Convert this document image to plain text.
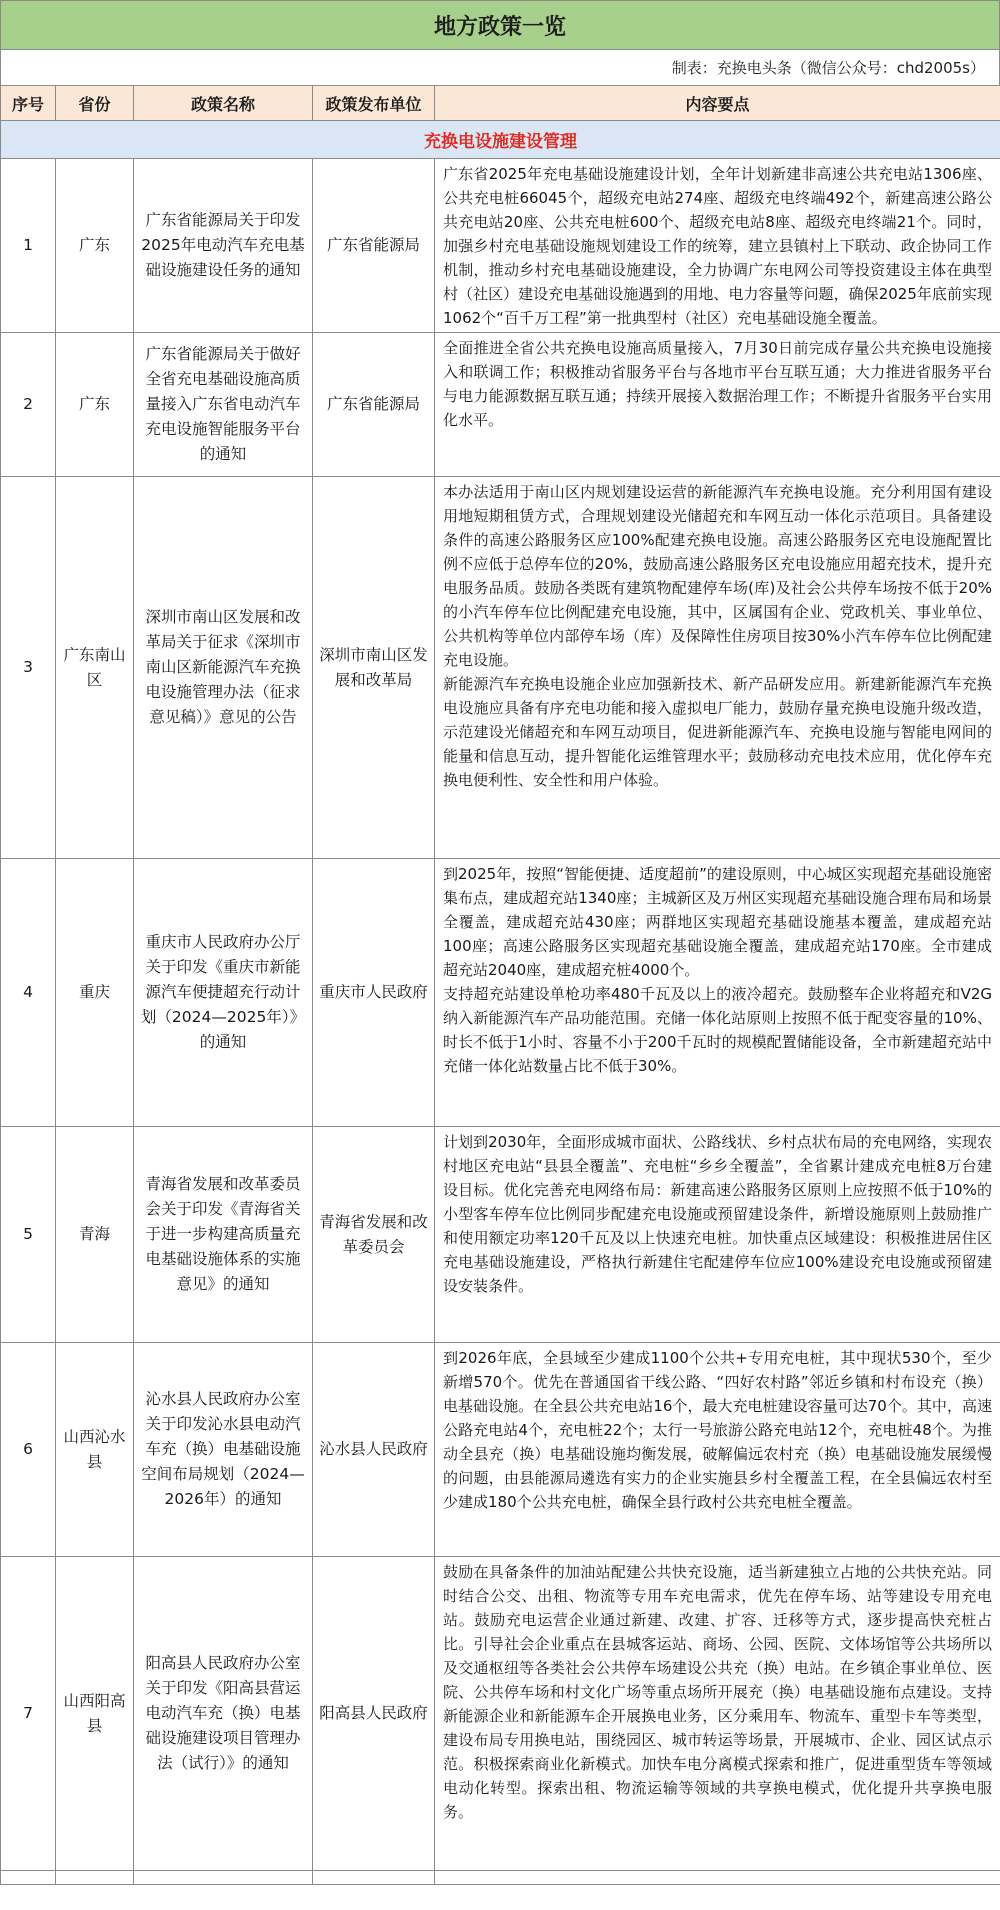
地方政策一览
制表：充换电头条（微信公众号：chd2005s）
序号	省份	政策名称	政策发布单位	内容要点
充换电设施建设管理				
1	广东	广东省能源局关于印发2025年电动汽车充电基础设施建设任务的通知	广东省能源局	广东省2025年充电基础设施建设计划，全年计划新建非高速公共充电站1306座、公共充电桩66045个，超级充电站274座、超级充电终端492个，新建高速公路公共充电站20座、公共充电桩600个、超级充电站8座、超级充电终端21个。同时，加强乡村充电基础设施规划建设工作的统筹，建立县镇村上下联动、政企协同工作机制，推动乡村充电基础设施建设，全力协调广东电网公司等投资建设主体在典型村（社区）建设充电基础设施遇到的用地、电力容量等问题，确保2025年底前实现1062个“百千万工程”第一批典型村（社区）充电基础设施全覆盖。

2	广东	广东省能源局关于做好全省充电基础设施高质量接入广东省电动汽车充电设施智能服务平台的通知	广东省能源局	全面推进全省公共充换电设施高质量接入，7月30日前完成存量公共充换电设施接入和联调工作；积极推动省服务平台与各地市平台互联互通；大力推进省服务平台与电力能源数据互联互通；持续开展接入数据治理工作；不断提升省服务平台实用化水平。

3	广东南山区	深圳市南山区发展和改革局关于征求《深圳市南山区新能源汽车充换电设施管理办法（征求意见稿）》意见的公告	深圳市南山区发展和改革局	本办法适用于南山区内规划建设运营的新能源汽车充换电设施。充分利用国有建设用地短期租赁方式，合理规划建设光储超充和车网互动一体化示范项目。具备建设条件的高速公路服务区应100%配建充换电设施。高速公路服务区充电设施配置比例不应低于总停车位的20%，鼓励高速公路服务区充电设施应用超充技术，提升充电服务品质。鼓励各类既有建筑物配建停车场(库)及社会公共停车场按不低于20%的小汽车停车位比例配建充电设施，其中，区属国有企业、党政机关、事业单位、公共机构等单位内部停车场（库）及保障性住房项目按30%小汽车停车位比例配建充电设施。

新能源汽车充换电设施企业应加强新技术、新产品研发应用。新建新能源汽车充换电设施应具备有序充电功能和接入虚拟电厂能力，鼓励存量充换电设施升级改造，示范建设光储超充和车网互动项目，促进新能源汽车、充换电设施与智能电网间的能量和信息互动，提升智能化运维管理水平；鼓励移动充电技术应用，优化停车充换电便利性、安全性和用户体验。

4	重庆	重庆市人民政府办公厅关于印发《重庆市新能源汽车便捷超充行动计划（2024—2025年）》的通知	重庆市人民政府	到2025年，按照“智能便捷、适度超前”的建设原则，中心城区实现超充基础设施密集布点，建成超充站1340座；主城新区及万州区实现超充基础设施合理布局和场景全覆盖，建成超充站430座；两群地区实现超充基础设施基本覆盖，建成超充站100座；高速公路服务区实现超充基础设施全覆盖，建成超充站170座。全市建成超充站2040座，建成超充桩4000个。

支持超充站建设单枪功率480千瓦及以上的液冷超充。鼓励整车企业将超充和V2G纳入新能源汽车产品功能范围。充储一体化站原则上按照不低于配变容量的10%、时长不低于1小时、容量不小于200千瓦时的规模配置储能设备，全市新建超充站中充储一体化站数量占比不低于30%。

5	青海	青海省发展和改革委员会关于印发《青海省关于进一步构建高质量充电基础设施体系的实施意见》的通知	青海省发展和改革委员会	计划到2030年，全面形成城市面状、公路线状、乡村点状布局的充电网络，实现农村地区充电站“县县全覆盖”、充电桩“乡乡全覆盖”，全省累计建成充电桩8万台建设目标。优化完善充电网络布局：新建高速公路服务区原则上应按照不低于10%的小型客车停车位比例同步配建充电设施或预留建设条件，新增设施原则上鼓励推广和使用额定功率120千瓦及以上快速充电桩。加快重点区域建设：积极推进居住区充电基础设施建设，严格执行新建住宅配建停车位应100%建设充电设施或预留建设安装条件。

6	山西沁水县	沁水县人民政府办公室关于印发沁水县电动汽车充（换）电基础设施空间布局规划（2024—2026年）的通知	沁水县人民政府	到2026年底，全县域至少建成1100个公共+专用充电桩，其中现状530个，至少新增570个。优先在普通国省干线公路、“四好农村路”邻近乡镇和村布设充（换）电基础设施。在全县公共充电站16个，最大充电桩建设容量可达70个。其中，高速公路充电站4个，充电桩22个；太行一号旅游公路充电站12个，充电桩48个。为推动全县充（换）电基础设施均衡发展，破解偏远农村充（换）电基础设施发展缓慢的问题，由县能源局遴选有实力的企业实施县乡村全覆盖工程，在全县偏远农村至少建成180个公共充电桩，确保全县行政村公共充电桩全覆盖。

7	山西阳高县	阳高县人民政府办公室关于印发《阳高县营运电动汽车充（换）电基础设施建设项目管理办法（试行）》的通知	阳高县人民政府	鼓励在具备条件的加油站配建公共快充设施，适当新建独立占地的公共快充站。同时结合公交、出租、物流等专用车充电需求，优先在停车场、站等建设专用充电站。鼓励充电运营企业通过新建、改建、扩容、迁移等方式，逐步提高快充桩占比。引导社会企业重点在县城客运站、商场、公园、医院、文体场馆等公共场所以及交通枢纽等各类社会公共停车场建设公共充（换）电站。在乡镇企事业单位、医院、公共停车场和村文化广场等重点场所开展充（换）电基础设施布点建设。支持新能源企业和新能源车企开展换电业务，区分乘用车、物流车、重型卡车等类型，建设布局专用换电站，围绕园区、城市转运等场景，开展城市、企业、园区试点示范。积极探索商业化新模式。加快车电分离模式探索和推广，促进重型货车等领域电动化转型。探索出租、物流运输等领域的共享换电模式，优化提升共享换电服务。
